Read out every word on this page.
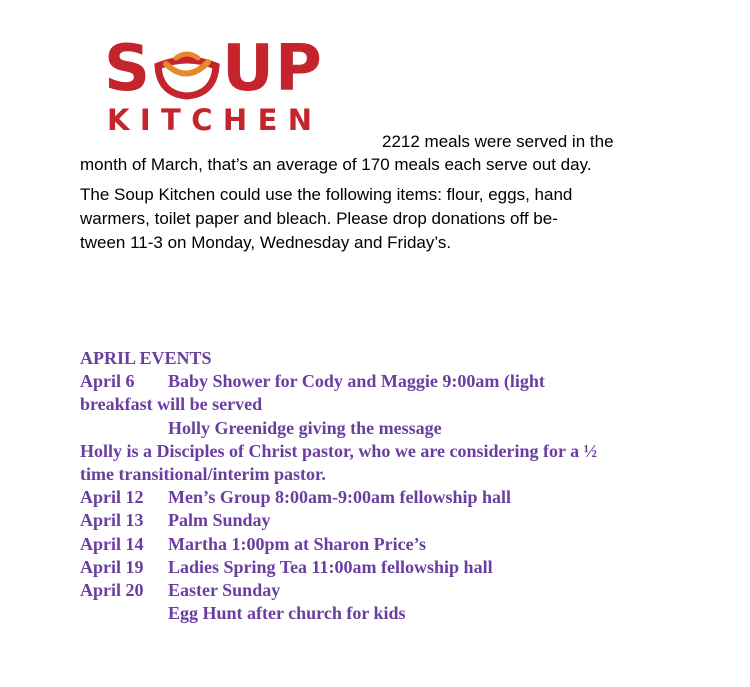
S UP
KITCHEN
2212 meals were served in the
month of March, that’s an average of 170 meals each serve out day.
The Soup Kitchen could use the following items: flour, eggs, hand
warmers, toilet paper and bleach. Please drop donations off be-
tween 11-3 on Monday, Wednesday and Friday’s.
APRIL EVENTS
April 6 Baby Shower for Cody and Maggie 9:00am (light
breakfast will be served
Holly Greenidge giving the message
Holly is a Disciples of Christ pastor, who we are considering for a ½
time transitional/interim pastor.
April 12 Men’s Group 8:00am-9:00am fellowship hall
April 13 Palm Sunday
April 14 Martha 1:00pm at Sharon Price’s
April 19 Ladies Spring Tea 11:00am fellowship hall
April 20 Easter Sunday
Egg Hunt after church for kids
